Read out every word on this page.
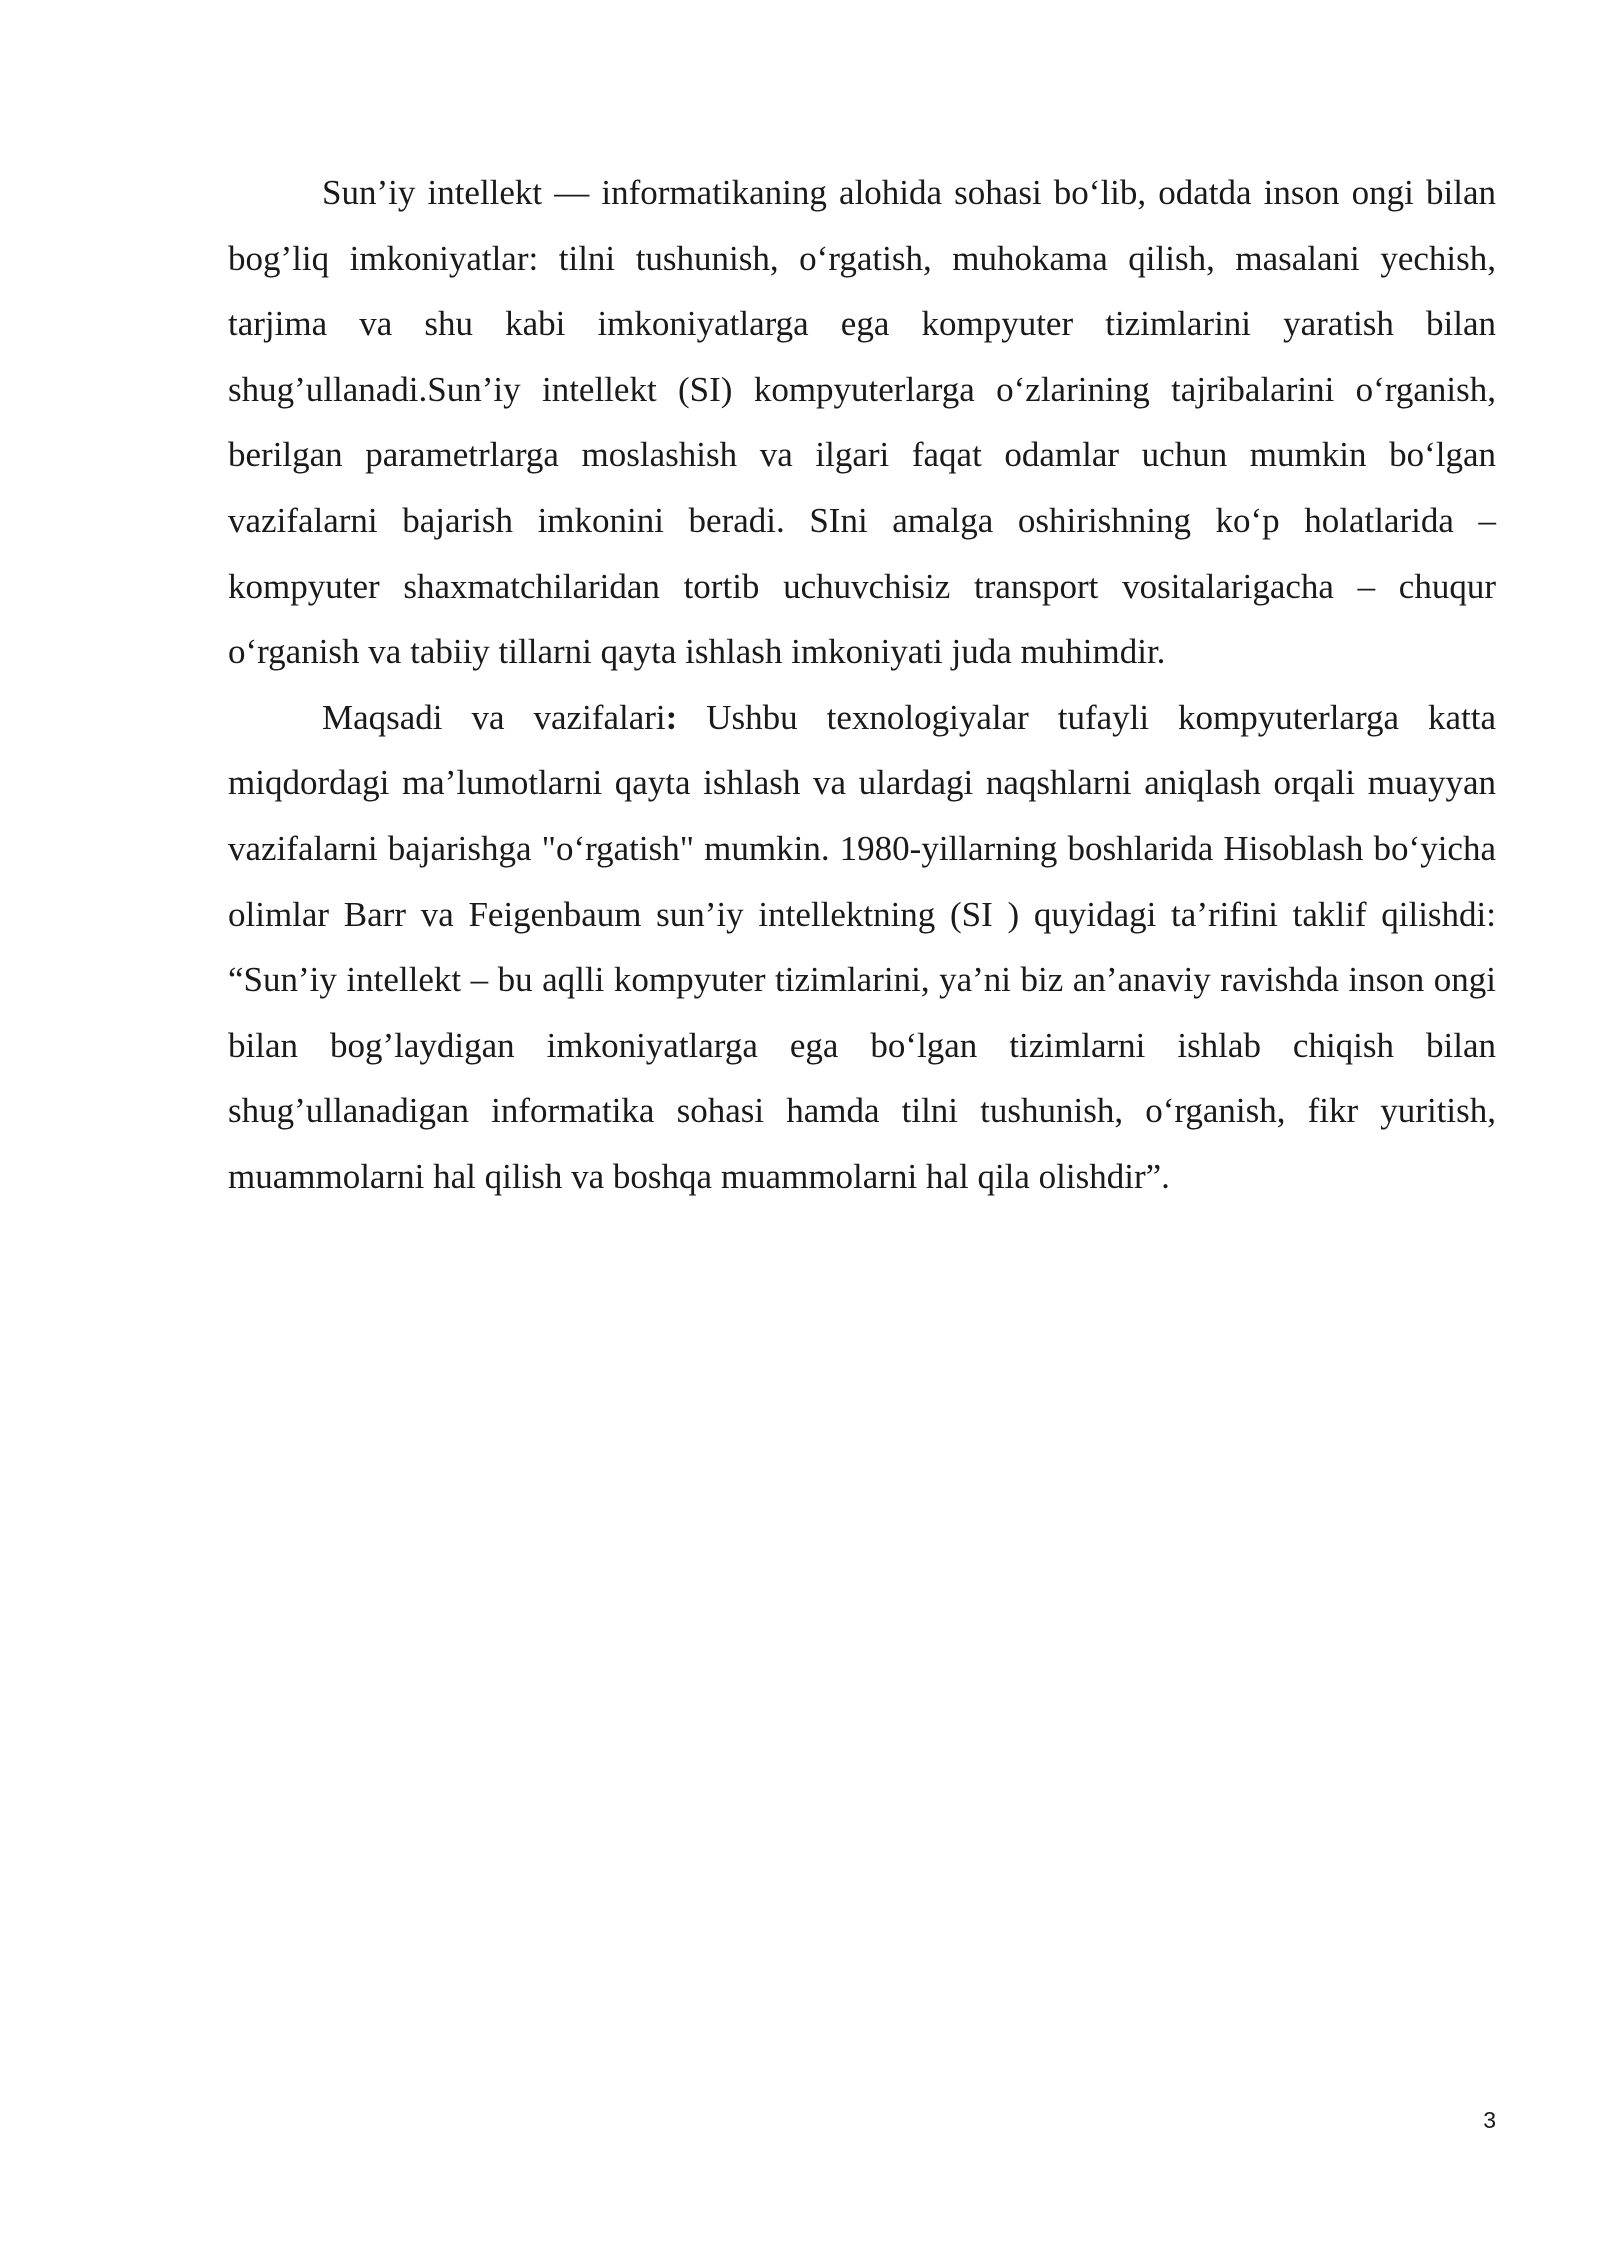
Sun’iy intellekt — informatikaning alohida sohasi bo‘lib, odatda inson ongi bilan bog’liq imkoniyatlar: tilni tushunish, o‘rgatish, muhokama qilish, masalani yechish, tarjima va shu kabi imkoniyatlarga ega kompyuter tizimlarini yaratish bilan shug’ullanadi.Sun’iy intellekt (SI) kompyuterlarga o‘zlarining tajribalarini o‘rganish, berilgan parametrlarga moslashish va ilgari faqat odamlar uchun mumkin bo‘lgan vazifalarni bajarish imkonini beradi. SIni amalga oshirishning ko‘p holatlarida – kompyuter shaxmatchilaridan tortib uchuvchisiz transport vositalarigacha – chuqur o‘rganish va tabiiy tillarni qayta ishlash imkoniyati juda muhimdir.

Maqsadi va vazifalari: Ushbu texnologiyalar tufayli kompyuterlarga katta miqdordagi ma’lumotlarni qayta ishlash va ulardagi naqshlarni aniqlash orqali muayyan vazifalarni bajarishga "o‘rgatish" mumkin. 1980-yillarning boshlarida Hisoblash bo‘yicha olimlar Barr va Feigenbaum sun’iy intellektning (SI ) quyidagi ta’rifini taklif qilishdi: “Sun’iy intellekt – bu aqlli kompyuter tizimlarini, ya’ni biz an’anaviy ravishda inson ongi bilan bog’laydigan imkoniyatlarga ega bo‘lgan tizimlarni ishlab chiqish bilan shug’ullanadigan informatika sohasi hamda tilni tushunish, o‘rganish, fikr yuritish, muammolarni hal qilish va boshqa muammolarni hal qila olishdir”.

3
